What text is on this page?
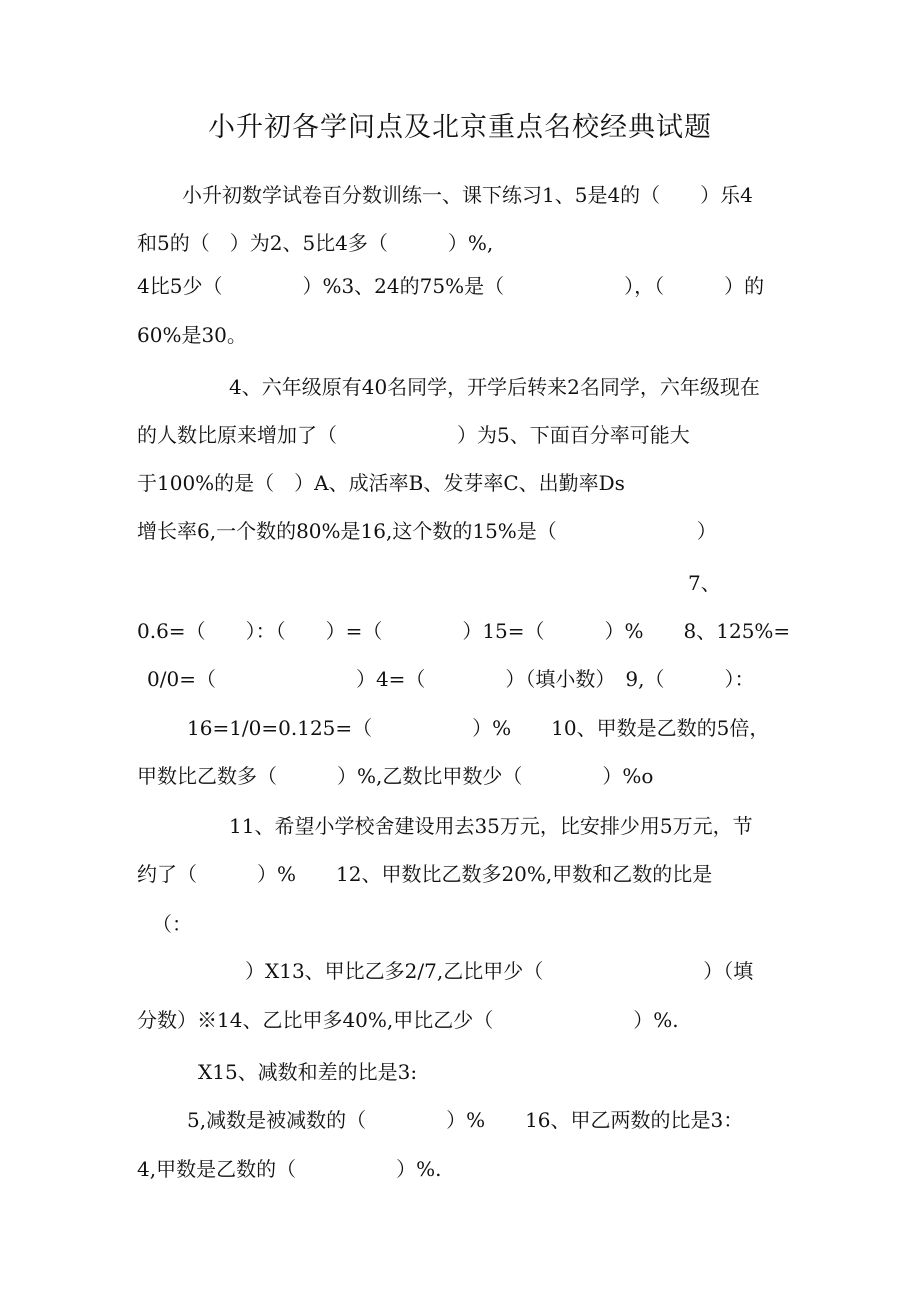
小升初各学问点及北京重点名校经典试题
小升初数学试卷百分数训练一、课下练习1、5是4的（　　）乐4
和5的（　）为2、5比4多（　　　）%,
4比5少（　　　　）%3、24的75%是（　　　　　　），（　　　）的
60%是30。
4、六年级原有40名同学，开学后转来2名同学，六年级现在
的人数比原来增加了（　　　　　　）为5、下面百分率可能大
于100%的是（　）A、成活率B、发芽率C、出勤率Ds
增长率6,一个数的80%是16,这个数的15%是（　　　　　　　）
7、
0.6=（　　）：（　　）=（　　　　）15=（　　　）%　　8、125%=
0/0=（　　　　　　　）4=（　　　　）（填小数）　9,（　　　）：
16=1/0=0.125=（　　　　　）%　　10、甲数是乙数的5倍，
甲数比乙数多（　　　）%,乙数比甲数少（　　　　）%o
11、希望小学校舍建设用去35万元，比安排少用5万元，节
约了（　　　）%　　12、甲数比乙数多20%,甲数和乙数的比是
（：
）X13、甲比乙多2/7,乙比甲少（　　　　　　　　）（填
分数）※14、乙比甲多40%,甲比乙少（　　　　　　　）%.
X15、减数和差的比是3:
5,减数是被减数的（　　　　）%　　16、甲乙两数的比是3：
4,甲数是乙数的（　　　　　）%.
